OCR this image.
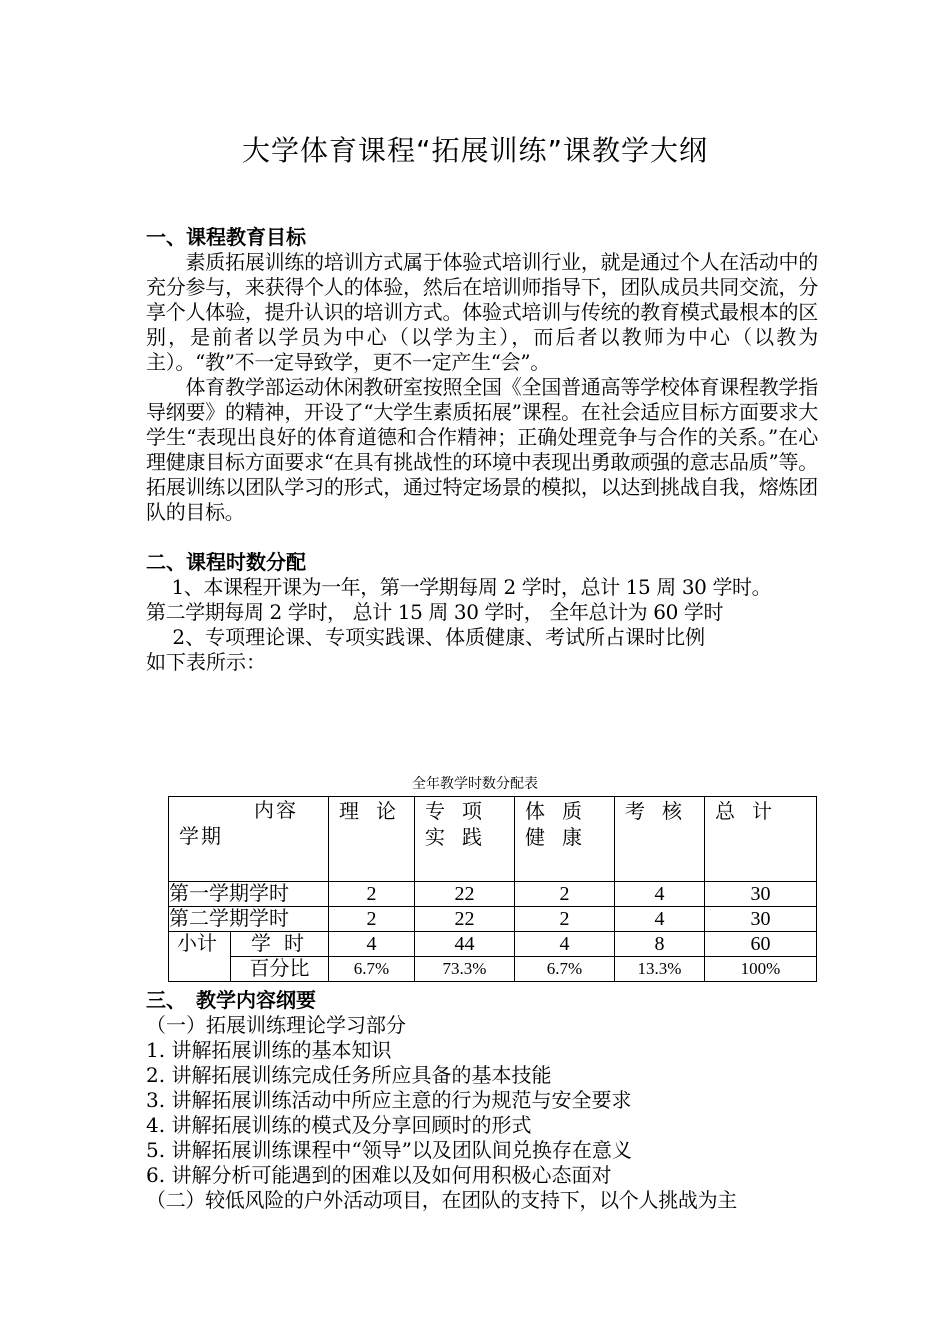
大学体育课程“拓展训练”课教学大纲
一、课程教育目标
　　素质拓展训练的培训方式属于体验式培训行业，就是通过个人在活动中的充分参与，来获得个人的体验，然后在培训师指导下，团队成员共同交流，分享个人体验，提升认识的培训方式。体验式培训与传统的教育模式最根本的区别，是前者以学员为中心（以学为主），而后者以教师为中心（以教为主）。“教”不一定导致学，更不一定产生“会”。
　　体育教学部运动休闲教研室按照全国《全国普通高等学校体育课程教学指导纲要》的精神，开设了“大学生素质拓展”课程。在社会适应目标方面要求大学生“表现出良好的体育道德和合作精神；正确处理竞争与合作的关系。”在心理健康目标方面要求“在具有挑战性的环境中表现出勇敢顽强的意志品质”等。拓展训练以团队学习的形式，通过特定场景的模拟，以达到挑战自我，熔炼团队的目标。
二、课程时数分配
　 1、本课程开课为一年，第一学期每周 2 学时，总计 15 周 30 学时。
第二学期每周 2 学时， 总计 15 周 30 学时， 全年总计为 60 学时
　 2、专项理论课、专项实践课、体质健康、考试所占课时比例
如下表所示：
全年教学时数分配表
内容
学期		理 论	专 项 实 践	体 质 健 康	考 核	总 计

第一学期学时		2	22	2	4	30
第二学期学时		2	22	2	4	30
小计	学 时	4	44	4	8	60
	百分比	6.7%	73.3%	6.7%	13.3%	100%
三、　教学内容纲要
（一）拓展训练理论学习部分
1. 讲解拓展训练的基本知识
2. 讲解拓展训练完成任务所应具备的基本技能
3. 讲解拓展训练活动中所应主意的行为规范与安全要求
4. 讲解拓展训练的模式及分享回顾时的形式
5. 讲解拓展训练课程中“领导”以及团队间兑换存在意义
6. 讲解分析可能遇到的困难以及如何用积极心态面对
（二）较低风险的户外活动项目，在团队的支持下，以个人挑战为主
